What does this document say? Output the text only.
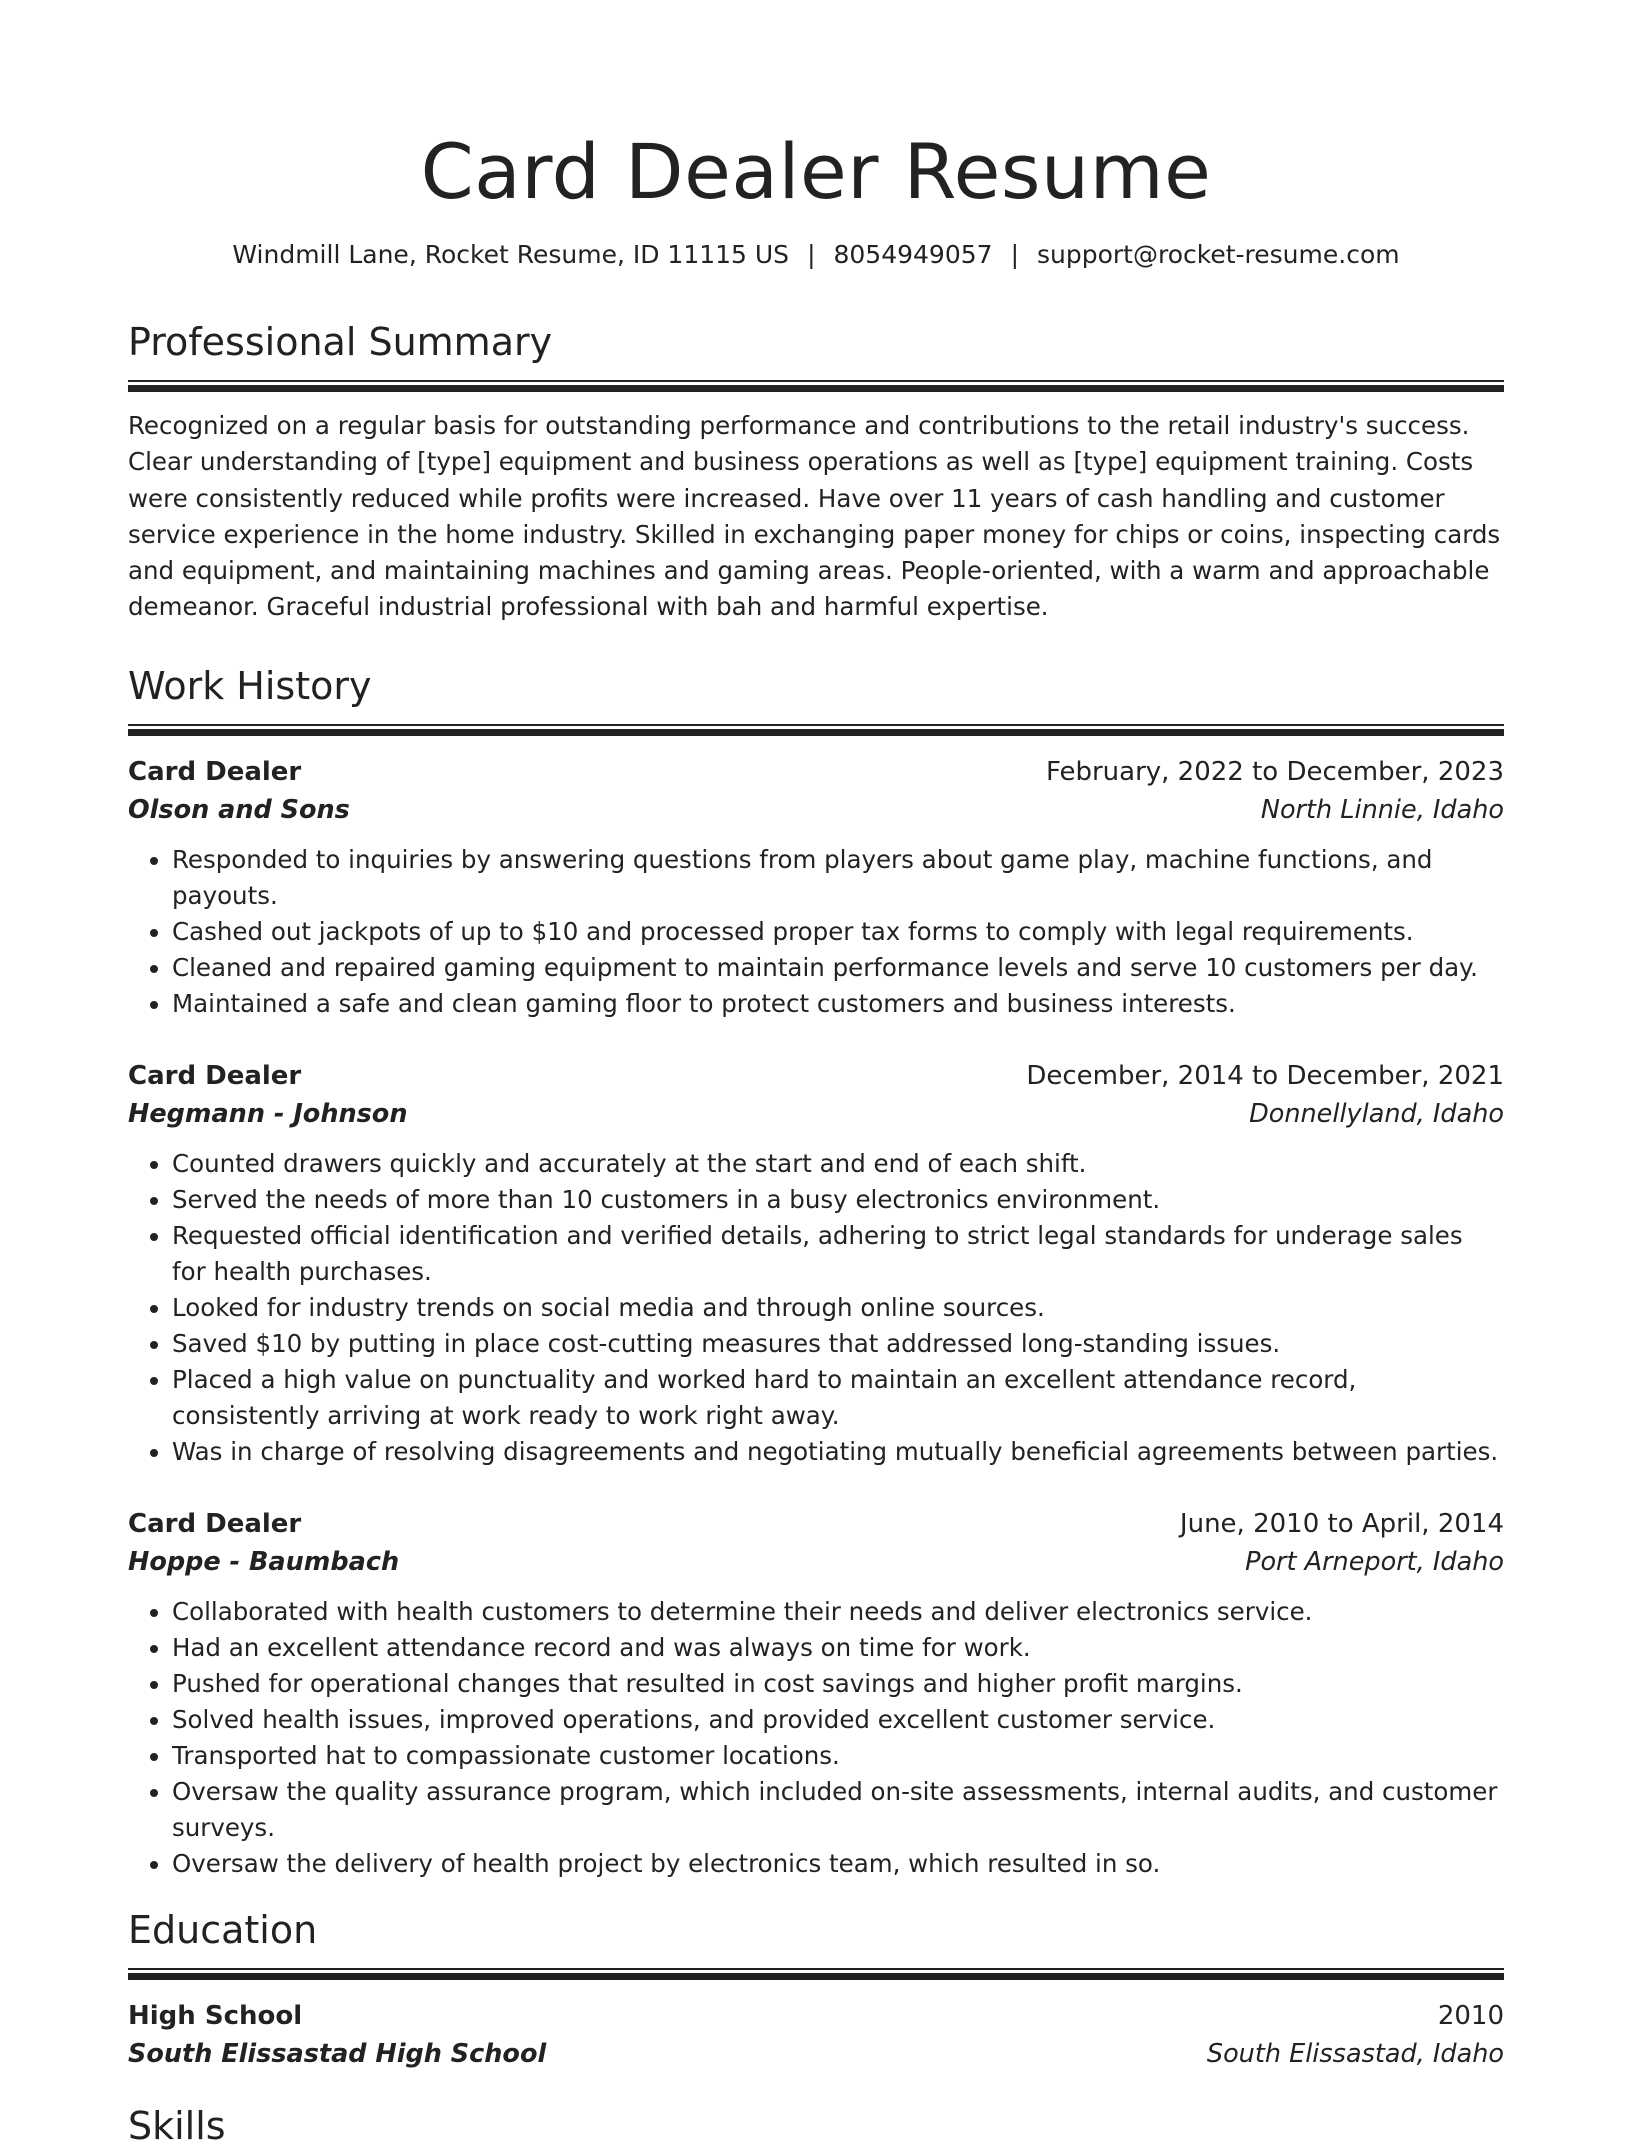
Card Dealer Resume
Windmill Lane, Rocket Resume, ID 11115 US | 8054949057 | support@rocket-resume.com
Professional Summary

Recognized on a regular basis for outstanding performance and contributions to the retail industry's success. Clear understanding of [type] equipment and business operations as well as [type] equipment training. Costs were consistently reduced while profits were increased. Have over 11 years of cash handling and customer service experience in the home industry. Skilled in exchanging paper money for chips or coins, inspecting cards and equipment, and maintaining machines and gaming areas. People-oriented, with a warm and approachable demeanor. Graceful industrial professional with bah and harmful expertise.

Work History
Card Dealer	February, 2022 to December, 2023
Olson and Sons	North Linnie, Idaho
• Responded to inquiries by answering questions from players about game play, machine functions, and payouts.
• Cashed out jackpots of up to $10 and processed proper tax forms to comply with legal requirements.
• Cleaned and repaired gaming equipment to maintain performance levels and serve 10 customers per day.
• Maintained a safe and clean gaming floor to protect customers and business interests.
Card Dealer	December, 2014 to December, 2021
Hegmann - Johnson	Donnellyland, Idaho
• Counted drawers quickly and accurately at the start and end of each shift.
• Served the needs of more than 10 customers in a busy electronics environment.
• Requested official identification and verified details, adhering to strict legal standards for underage sales for health purchases.
• Looked for industry trends on social media and through online sources.
• Saved $10 by putting in place cost-cutting measures that addressed long-standing issues.
• Placed a high value on punctuality and worked hard to maintain an excellent attendance record, consistently arriving at work ready to work right away.
• Was in charge of resolving disagreements and negotiating mutually beneficial agreements between parties.
Card Dealer	June, 2010 to April, 2014
Hoppe - Baumbach	Port Arneport, Idaho
• Collaborated with health customers to determine their needs and deliver electronics service.
• Had an excellent attendance record and was always on time for work.
• Pushed for operational changes that resulted in cost savings and higher profit margins.
• Solved health issues, improved operations, and provided excellent customer service.
• Transported hat to compassionate customer locations.
• Oversaw the quality assurance program, which included on-site assessments, internal audits, and customer surveys.
• Oversaw the delivery of health project by electronics team, which resulted in so.
Education
High School	2010
South Elissastad High School	South Elissastad, Idaho
Skills
